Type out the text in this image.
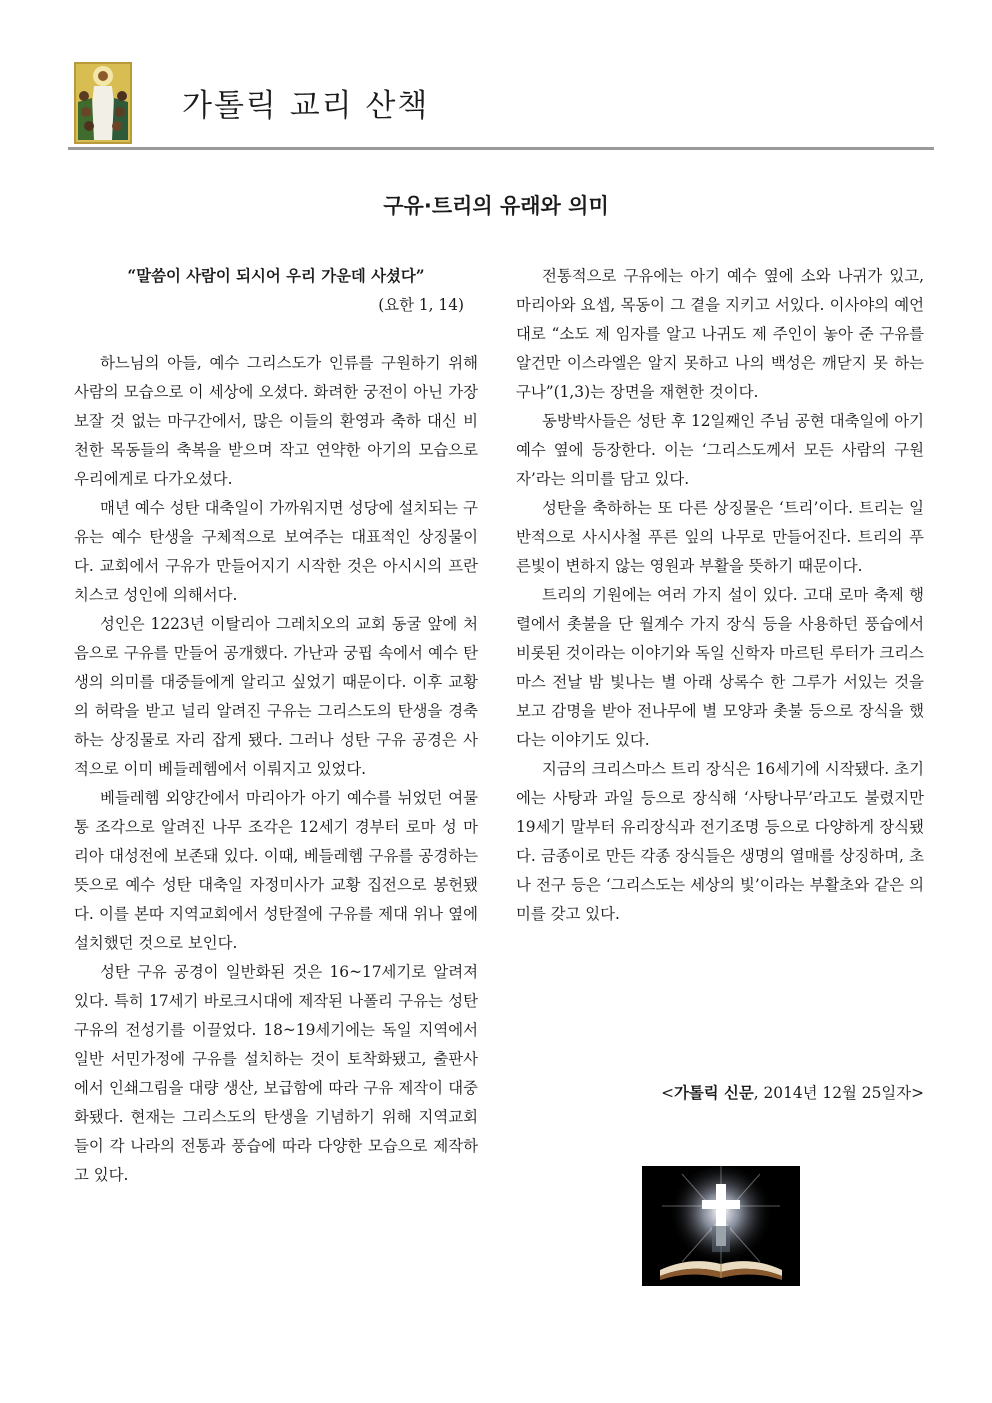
가톨릭 교리 산책
구유·트리의 유래와 의미

“말씀이 사람이 되시어 우리 가운데 사셨다”

(요한 1, 14)

하느님의 아들, 예수 그리스도가 인류를 구원하기 위해 사람의 모습으로 이 세상에 오셨다. 화려한 궁전이 아닌 가장 보잘 것 없는 마구간에서, 많은 이들의 환영과 축하 대신 비천한 목동들의 축복을 받으며 작고 연약한 아기의 모습으로 우리에게로 다가오셨다.

매년 예수 성탄 대축일이 가까워지면 성당에 설치되는 구유는 예수 탄생을 구체적으로 보여주는 대표적인 상징물이다. 교회에서 구유가 만들어지기 시작한 것은 아시시의 프란치스코 성인에 의해서다.

성인은 1223년 이탈리아 그레치오의 교회 동굴 앞에 처음으로 구유를 만들어 공개했다. 가난과 궁핍 속에서 예수 탄생의 의미를 대중들에게 알리고 싶었기 때문이다. 이후 교황의 허락을 받고 널리 알려진 구유는 그리스도의 탄생을 경축하는 상징물로 자리 잡게 됐다. 그러나 성탄 구유 공경은 사적으로 이미 베들레헴에서 이뤄지고 있었다.

베들레헴 외양간에서 마리아가 아기 예수를 뉘었던 여물통 조각으로 알려진 나무 조각은 12세기 경부터 로마 성 마리아 대성전에 보존돼 있다. 이때, 베들레헴 구유를 공경하는 뜻으로 예수 성탄 대축일 자정미사가 교황 집전으로 봉헌됐다. 이를 본따 지역교회에서 성탄절에 구유를 제대 위나 옆에 설치했던 것으로 보인다.

성탄 구유 공경이 일반화된 것은 16~17세기로 알려져 있다. 특히 17세기 바로크시대에 제작된 나폴리 구유는 성탄 구유의 전성기를 이끌었다. 18~19세기에는 독일 지역에서 일반 서민가정에 구유를 설치하는 것이 토착화됐고, 출판사에서 인쇄그림을 대량 생산, 보급함에 따라 구유 제작이 대중화됐다. 현재는 그리스도의 탄생을 기념하기 위해 지역교회들이 각 나라의 전통과 풍습에 따라 다양한 모습으로 제작하고 있다.

전통적으로 구유에는 아기 예수 옆에 소와 나귀가 있고, 마리아와 요셉, 목동이 그 곁을 지키고 서있다. 이사야의 예언대로 “소도 제 임자를 알고 나귀도 제 주인이 놓아 준 구유를 알건만 이스라엘은 알지 못하고 나의 백성은 깨닫지 못 하는구나”(1,3)는 장면을 재현한 것이다.

동방박사들은 성탄 후 12일째인 주님 공현 대축일에 아기 예수 옆에 등장한다. 이는 ‘그리스도께서 모든 사람의 구원자’라는 의미를 담고 있다.

성탄을 축하하는 또 다른 상징물은 ‘트리’이다. 트리는 일반적으로 사시사철 푸른 잎의 나무로 만들어진다. 트리의 푸른빛이 변하지 않는 영원과 부활을 뜻하기 때문이다.

트리의 기원에는 여러 가지 설이 있다. 고대 로마 축제 행렬에서 촛불을 단 월계수 가지 장식 등을 사용하던 풍습에서 비롯된 것이라는 이야기와 독일 신학자 마르틴 루터가 크리스마스 전날 밤 빛나는 별 아래 상록수 한 그루가 서있는 것을 보고 감명을 받아 전나무에 별 모양과 촛불 등으로 장식을 했다는 이야기도 있다.

지금의 크리스마스 트리 장식은 16세기에 시작됐다. 초기에는 사탕과 과일 등으로 장식해 ‘사탕나무’라고도 불렸지만 19세기 말부터 유리장식과 전기조명 등으로 다양하게 장식됐다. 금종이로 만든 각종 장식들은 생명의 열매를 상징하며, 초나 전구 등은 ‘그리스도는 세상의 빛’이라는 부활초와 같은 의미를 갖고 있다.

<가톨릭 신문, 2014년 12월 25일자>
